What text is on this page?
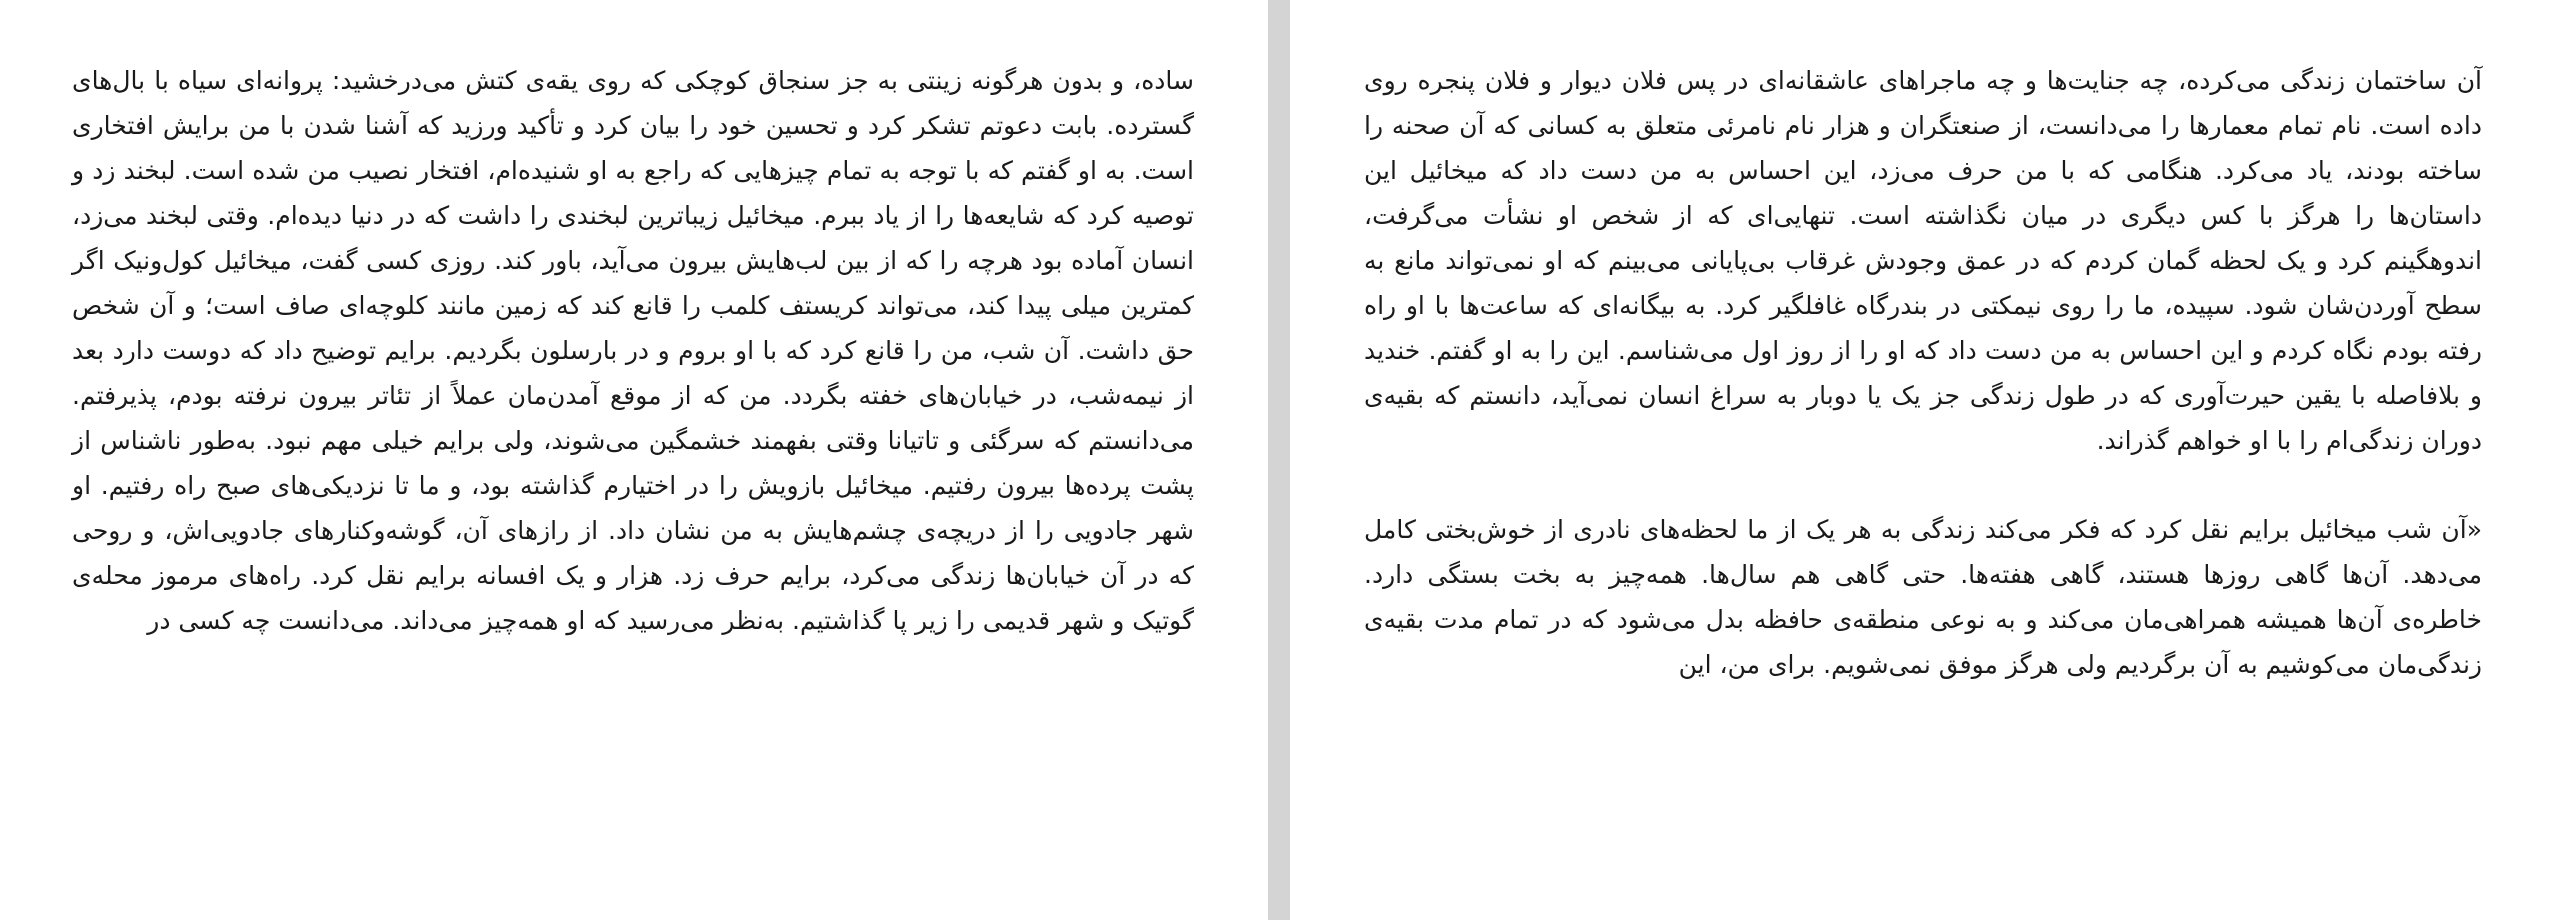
ساده، و بدون هرگونه زینتی به جز سنجاق کوچکی که روی یقه‌ی کتش می‌درخشید: پروانه‌ای سیاه با بال‌های گسترده. بابت دعوتم تشکر کرد و تحسین خود را بیان کرد و تأکید ورزید که آشنا شدن با من برایش افتخاری است. به او گفتم که با توجه به تمام چیزهایی که راجع به او شنیده‌ام، افتخار نصیب من شده است. لبخند زد و توصیه کرد که شایعه‌ها را از یاد ببرم. میخائیل زیباترین لبخندی را داشت که در دنیا دیده‌ام. وقتی لبخند می‌زد، انسان آماده بود هرچه را که از بین لب‌هایش بیرون می‌آید، باور کند. روزی کسی گفت، میخائیل کول‌ونیک اگر کمترین میلی پیدا کند، می‌تواند کریستف کلمب را قانع کند که زمین مانند کلوچه‌ای صاف است؛ و آن شخص حق داشت. آن شب، من را قانع کرد که با او بروم و در بارسلون بگردیم. برایم توضیح داد که دوست دارد بعد از نیمه‌شب، در خیابان‌های خفته بگردد. من که از موقع آمدن‌مان عملاً از تئاتر بیرون نرفته بودم، پذیرفتم. می‌دانستم که سرگئی و تاتیانا وقتی بفهمند خشمگین می‌شوند، ولی برایم خیلی مهم نبود. به‌طور ناشناس از پشت پرده‌ها بیرون رفتیم. میخائیل بازویش را در اختیارم گذاشته بود، و ما تا نزدیکی‌های صبح راه رفتیم. او شهر جادویی را از دریچه‌ی چشم‌هایش به من نشان داد. از رازهای آن، گوشه‌وکنارهای جادویی‌اش، و روحی که در آن خیابان‌ها زندگی می‌کرد، برایم حرف زد. هزار و یک افسانه برایم نقل کرد. راه‌های مرموز محله‌ی گوتیک و شهر قدیمی را زیر پا گذاشتیم. به‌نظر می‌رسید که او همه‌چیز می‌داند. می‌دانست چه کسی در

آن ساختمان زندگی می‌کرده، چه جنایت‌ها و چه ماجراهای عاشقانه‌ای در پس فلان دیوار و فلان پنجره روی داده است. نام تمام معمارها را می‌دانست، از صنعتگران و هزار نام نامرئی متعلق به کسانی که آن صحنه را ساخته بودند، یاد می‌کرد. هنگامی که با من حرف می‌زد، این احساس به من دست داد که میخائیل این داستان‌ها را هرگز با کس دیگری در میان نگذاشته است. تنهایی‌ای که از شخص او نشأت می‌گرفت، اندوهگینم کرد و یک لحظه گمان کردم که در عمق وجودش غرقاب بی‌پایانی می‌بینم که او نمی‌تواند مانع به سطح آوردن‌شان شود. سپیده، ما را روی نیمکتی در بندرگاه غافلگیر کرد. به بیگانه‌ای که ساعت‌ها با او راه رفته بودم نگاه کردم و این احساس به من دست داد که او را از روز اول می‌شناسم. این را به او گفتم. خندید و بلافاصله با یقین حیرت‌آوری که در طول زندگی جز یک یا دوبار به سراغ انسان نمی‌آید، دانستم که بقیه‌ی دوران زندگی‌ام را با او خواهم گذراند.

«آن شب میخائیل برایم نقل کرد که فکر می‌کند زندگی به هر یک از ما لحظه‌های نادری از خوش‌بختی کامل می‌دهد. آن‌ها گاهی روزها هستند، گاهی هفته‌ها. حتی گاهی هم سال‌ها. همه‌چیز به بخت بستگی دارد. خاطره‌ی آن‌ها همیشه همراهی‌مان می‌کند و به نوعی منطقه‌ی حافظه بدل می‌شود که در تمام مدت بقیه‌ی زندگی‌مان می‌کوشیم به آن برگردیم ولی هرگز موفق نمی‌شویم. برای من، این
